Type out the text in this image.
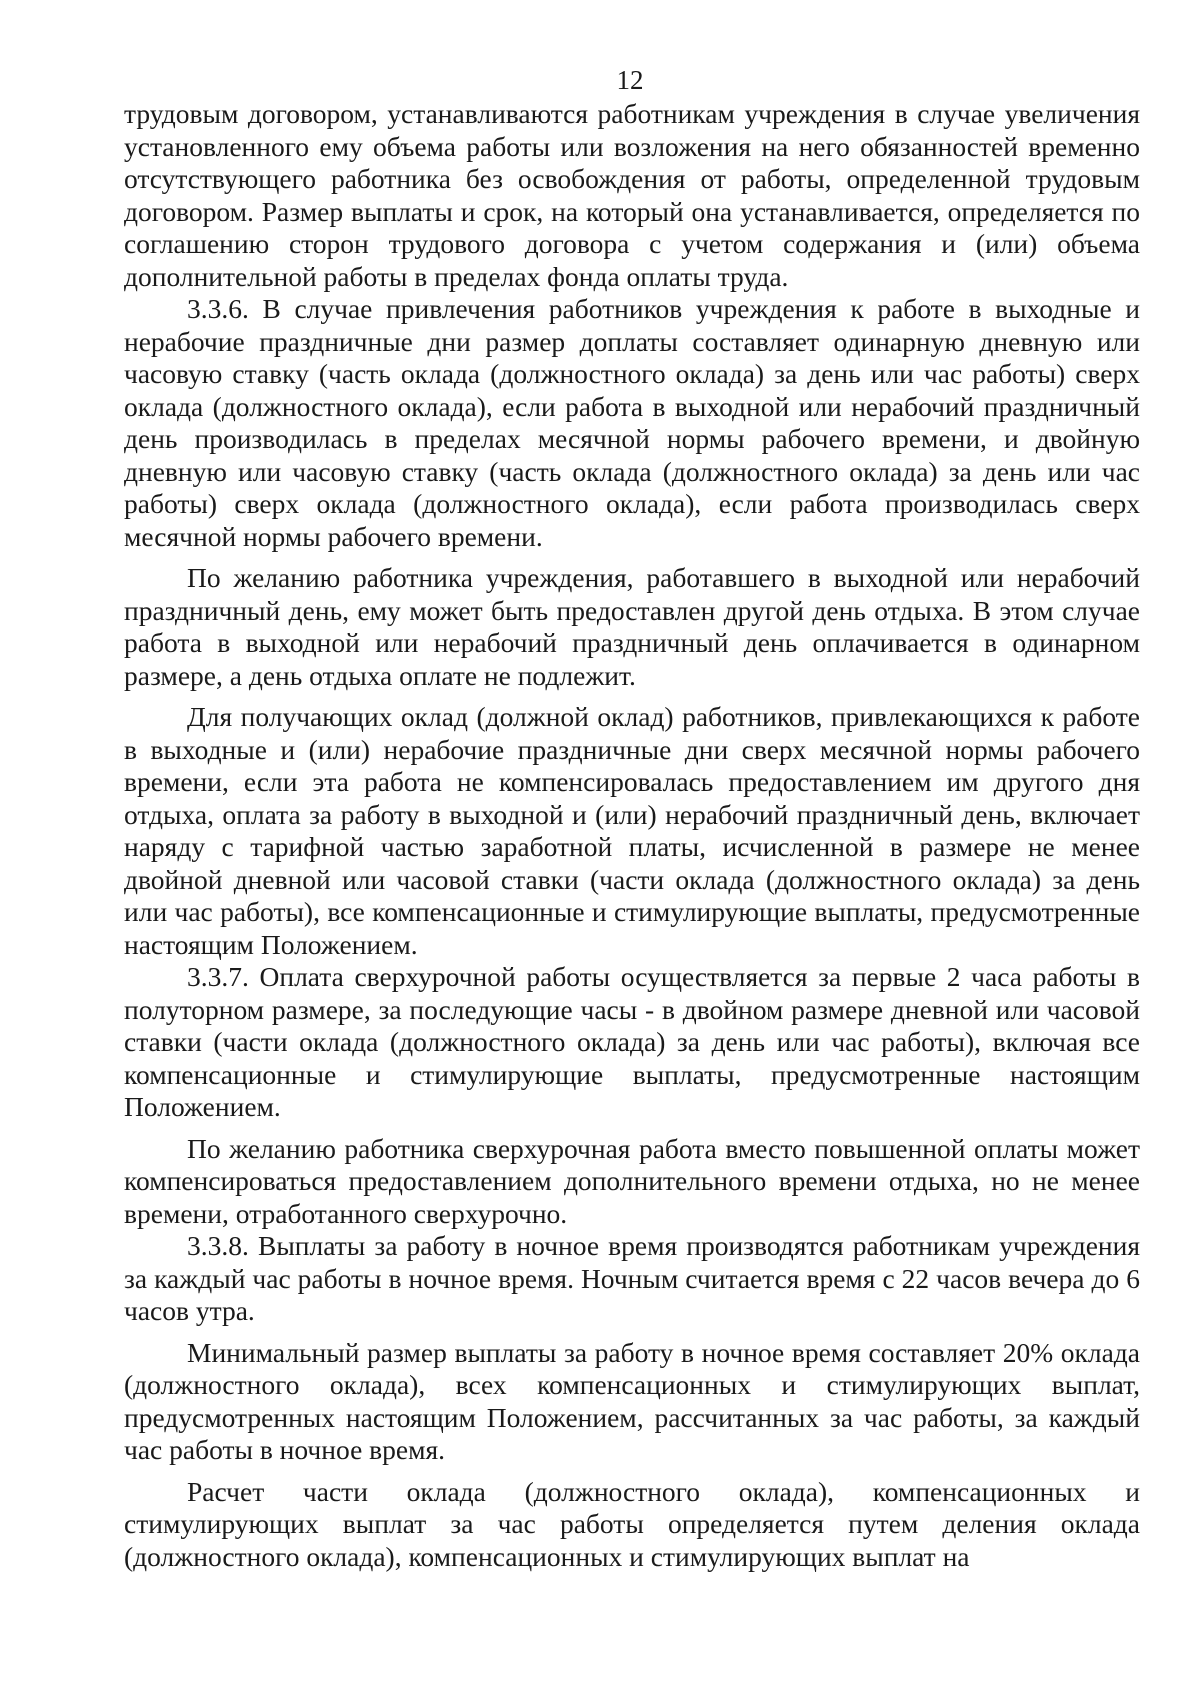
12

трудовым договором, устанавливаются работникам учреждения в случае увеличения установленного ему объема работы или возложения на него обязанностей временно отсутствующего работника без освобождения от работы, определенной трудовым договором. Размер выплаты и срок, на который она устанавливается, определяется по соглашению сторон трудового договора с учетом содержания и (или) объема дополнительной работы в пределах фонда оплаты труда.

3.3.6. В случае привлечения работников учреждения к работе в выходные и нерабочие праздничные дни размер доплаты составляет одинарную дневную или часовую ставку (часть оклада (должностного оклада) за день или час работы) сверх оклада (должностного оклада), если работа в выходной или нерабочий праздничный день производилась в пределах месячной нормы рабочего времени, и двойную дневную или часовую ставку (часть оклада (должностного оклада) за день или час работы) сверх оклада (должностного оклада), если работа производилась сверх месячной нормы рабочего времени.

По желанию работника учреждения, работавшего в выходной или нерабочий праздничный день, ему может быть предоставлен другой день отдыха. В этом случае работа в выходной или нерабочий праздничный день оплачивается в одинарном размере, а день отдыха оплате не подлежит.

Для получающих оклад (должной оклад) работников, привлекающихся к работе в выходные и (или) нерабочие праздничные дни сверх месячной нормы рабочего времени, если эта работа не компенсировалась предоставлением им другого дня отдыха, оплата за работу в выходной и (или) нерабочий праздничный день, включает наряду с тарифной частью заработной платы, исчисленной в размере не менее двойной дневной или часовой ставки (части оклада (должностного оклада) за день или час работы), все компенсационные и стимулирующие выплаты, предусмотренные настоящим Положением.

3.3.7. Оплата сверхурочной работы осуществляется за первые 2 часа работы в полуторном размере, за последующие часы - в двойном размере дневной или часовой ставки (части оклада (должностного оклада) за день или час работы), включая все компенсационные и стимулирующие выплаты, предусмотренные настоящим Положением.

По желанию работника сверхурочная работа вместо повышенной оплаты может компенсироваться предоставлением дополнительного времени отдыха, но не менее времени, отработанного сверхурочно.

3.3.8. Выплаты за работу в ночное время производятся работникам учреждения за каждый час работы в ночное время. Ночным считается время с 22 часов вечера до 6 часов утра.

Минимальный размер выплаты за работу в ночное время составляет 20% оклада (должностного оклада), всех компенсационных и стимулирующих выплат, предусмотренных настоящим Положением, рассчитанных за час работы, за каждый час работы в ночное время.

Расчет части оклада (должностного оклада), компенсационных и стимулирующих выплат за час работы определяется путем деления оклада (должностного оклада), компенсационных и стимулирующих выплат на
